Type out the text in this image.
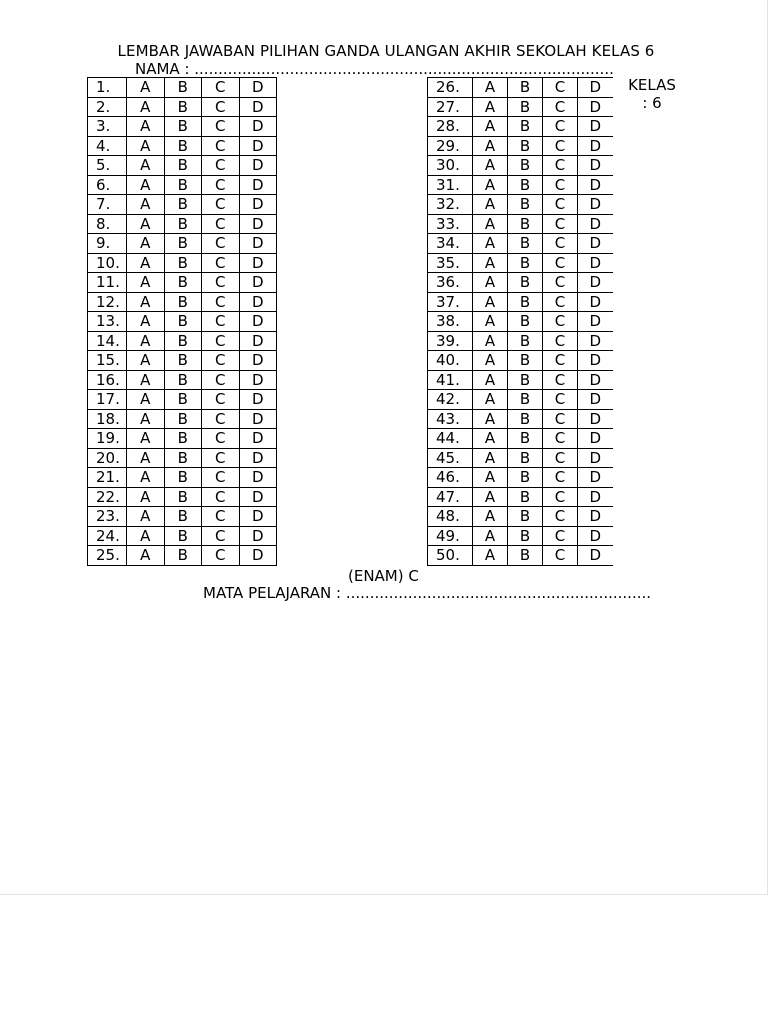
LEMBAR JAWABAN PILIHAN GANDA ULANGAN AKHIR SEKOLAH KELAS 6
NAMA : ........................................................................................
KELAS
: 6
1.	A	B	C	D
2.	A	B	C	D
3.	A	B	C	D
4.	A	B	C	D
5.	A	B	C	D
6.	A	B	C	D
7.	A	B	C	D
8.	A	B	C	D
9.	A	B	C	D
10.	A	B	C	D
11.	A	B	C	D
12.	A	B	C	D
13.	A	B	C	D
14.	A	B	C	D
15.	A	B	C	D
16.	A	B	C	D
17.	A	B	C	D
18.	A	B	C	D
19.	A	B	C	D
20.	A	B	C	D
21.	A	B	C	D
22.	A	B	C	D
23.	A	B	C	D
24.	A	B	C	D
25.	A	B	C	D
26.	A	B	C	D
27.	A	B	C	D
28.	A	B	C	D
29.	A	B	C	D
30.	A	B	C	D
31.	A	B	C	D
32.	A	B	C	D
33.	A	B	C	D
34.	A	B	C	D
35.	A	B	C	D
36.	A	B	C	D
37.	A	B	C	D
38.	A	B	C	D
39.	A	B	C	D
40.	A	B	C	D
41.	A	B	C	D
42.	A	B	C	D
43.	A	B	C	D
44.	A	B	C	D
45.	A	B	C	D
46.	A	B	C	D
47.	A	B	C	D
48.	A	B	C	D
49.	A	B	C	D
50.	A	B	C	D
(ENAM) C
MATA PELAJARAN : ................................................................
